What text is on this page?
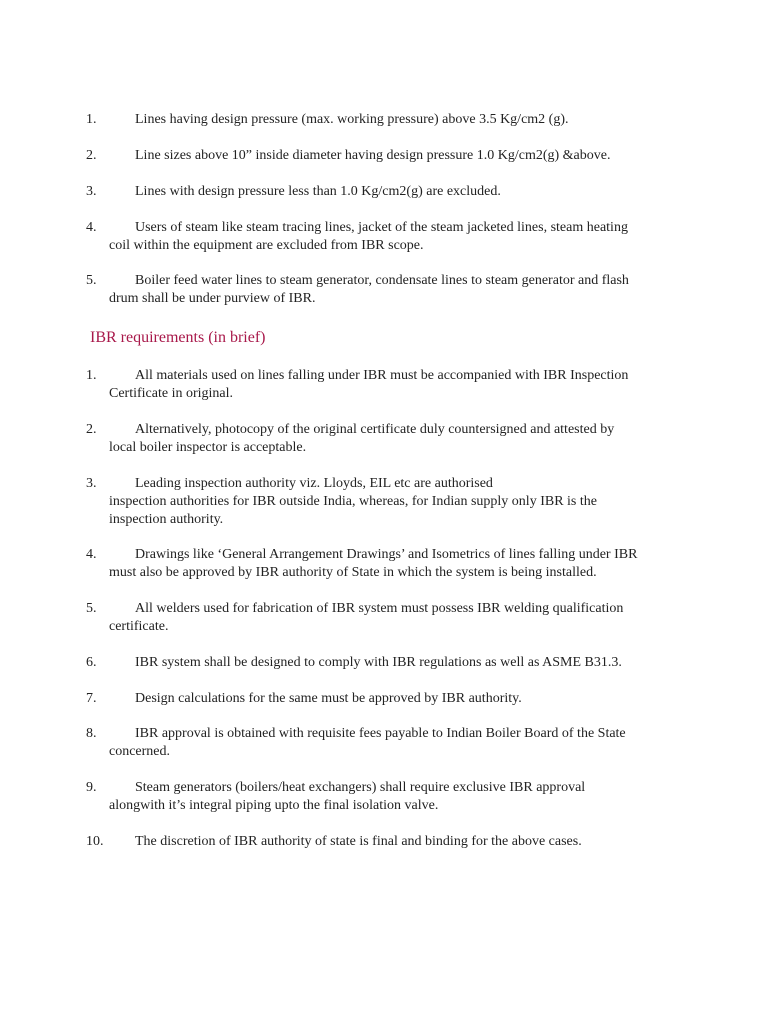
1.	Lines having design pressure (max. working pressure) above 3.5 Kg/cm2 (g).
2.	Line sizes above 10” inside diameter having design pressure 1.0 Kg/cm2(g) &above.
3.	Lines with design pressure less than 1.0 Kg/cm2(g) are excluded.
4.	Users of steam like steam tracing lines, jacket of the steam jacketed lines, steam heating
coil within the equipment are excluded from IBR scope.
5.	Boiler feed water lines to steam generator, condensate lines to steam generator and flash
drum shall be under purview of IBR.
IBR requirements (in brief)
1.	All materials used on lines falling under IBR must be accompanied with IBR Inspection
Certificate in original.
2.	Alternatively, photocopy of the original certificate duly countersigned and attested by
local boiler inspector is acceptable.
3.	Leading inspection authority viz. Lloyds, EIL etc are authorised
inspection authorities for IBR outside India, whereas, for Indian supply only IBR is the
inspection authority.
4.	Drawings like ‘General Arrangement Drawings’ and Isometrics of lines falling under IBR
must also be approved by IBR authority of State in which the system is being installed.
5.	All welders used for fabrication of IBR system must possess IBR welding qualification
certificate.
6.	IBR system shall be designed to comply with IBR regulations as well as ASME B31.3.
7.	Design calculations for the same must be approved by IBR authority.
8.	IBR approval is obtained with requisite fees payable to Indian Boiler Board of the State
concerned.
9.	Steam generators (boilers/heat exchangers) shall require exclusive IBR approval
alongwith it’s integral piping upto the final isolation valve.
10.	The discretion of IBR authority of state is final and binding for the above cases.
